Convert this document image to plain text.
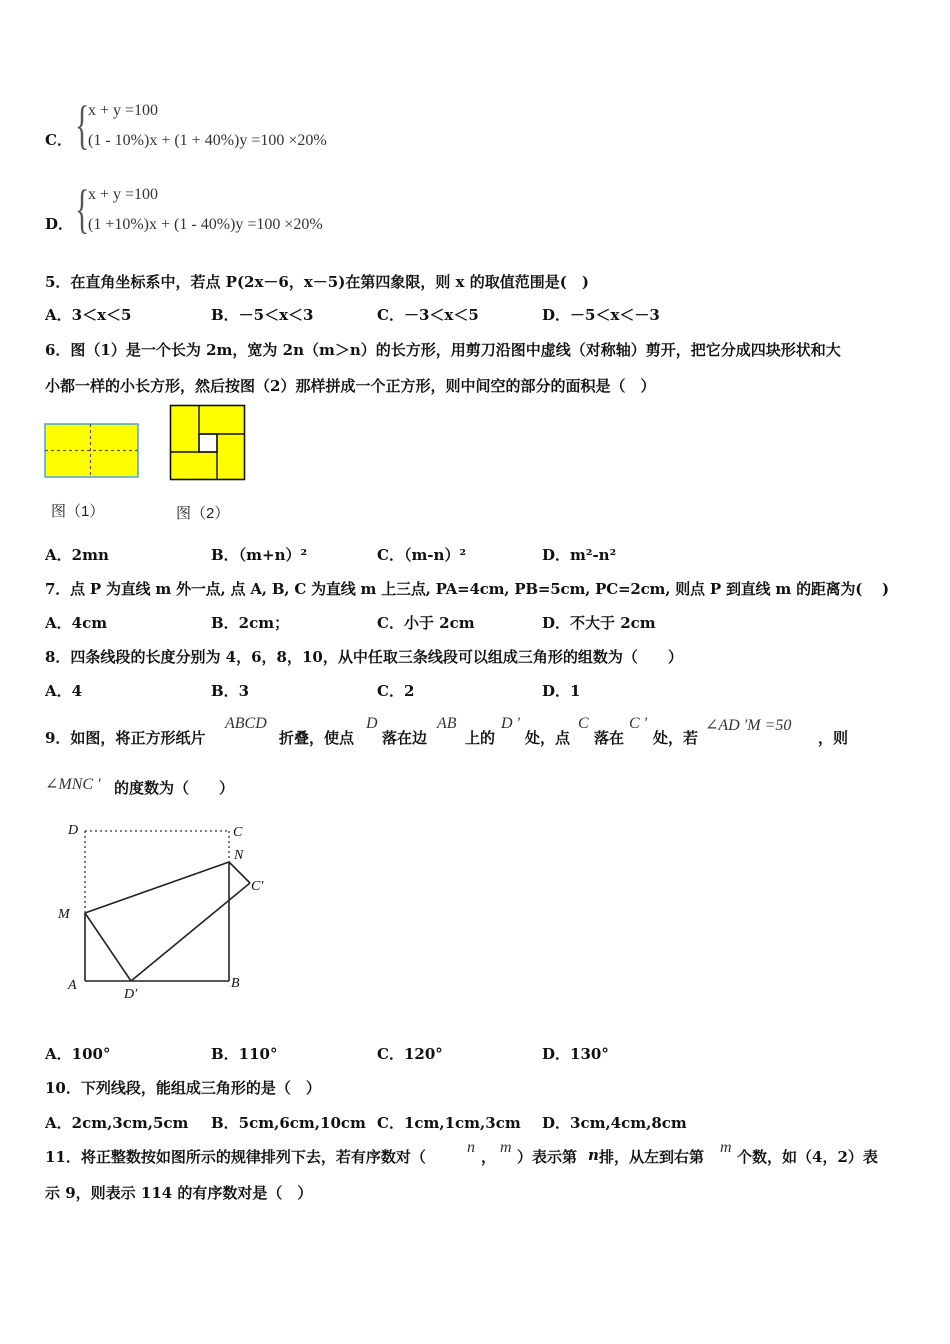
C． {
x + y =100
(1 - 10%)x + (1 + 40%)y =100 ×20%
D． {
x + y =100
(1 +10%)x + (1 - 40%)y =100 ×20%
5．在直角坐标系中，若点 P(2x－6，x－5)在第四象限，则 x 的取值范围是(　)
A．3＜x＜5	B．－5＜x＜3	C．－3＜x＜5	D．－5＜x＜－3
6．图（1）是一个长为 2m，宽为 2n（m＞n）的长方形，用剪刀沿图中虚线（对称轴）剪开，把它分成四块形状和大
小都一样的小长方形，然后按图（2）那样拼成一个正方形，则中间空的部分的面积是（　）
图（1）	图（2）
A．2mn	B．（m+n）²	C．（m-n）²	D．m²-n²
7．点 P 为直线 m 外一点, 点 A, B, C 为直线 m 上三点, PA=4cm, PB=5cm, PC=2cm, 则点 P 到直线 m 的距离为(　 )
A．4cm	B．2cm；	C．小于 2cm	D．不大于 2cm
8．四条线段的长度分别为 4，6，8，10，从中任取三条线段可以组成三角形的组数为（　　）
A．4	B．3	C．2	D．1
9．如图，将正方形纸片
ABCD
折叠，使点
D
落在边
AB
上的
D ′
处，点
C
落在
C ′
处，若
∠AD ′M =50
，则
∠MNC ′ 的度数为（　　）
D	C
N
C′
M
A
D′
B
A．100°	B．110°	C．120°	D．130°
10．下列线段，能组成三角形的是（　）
A．2cm,3cm,5cm B．5cm,6cm,10cm C．1cm,1cm,3cm D．3cm,4cm,8cm
11．将正整数按如图所示的规律排列下去，若有序数对（
n
，
m
）表示第 n 排，从左到右第
m
个数，如（4，2）表
示 9，则表示 114 的有序数对是（　）
